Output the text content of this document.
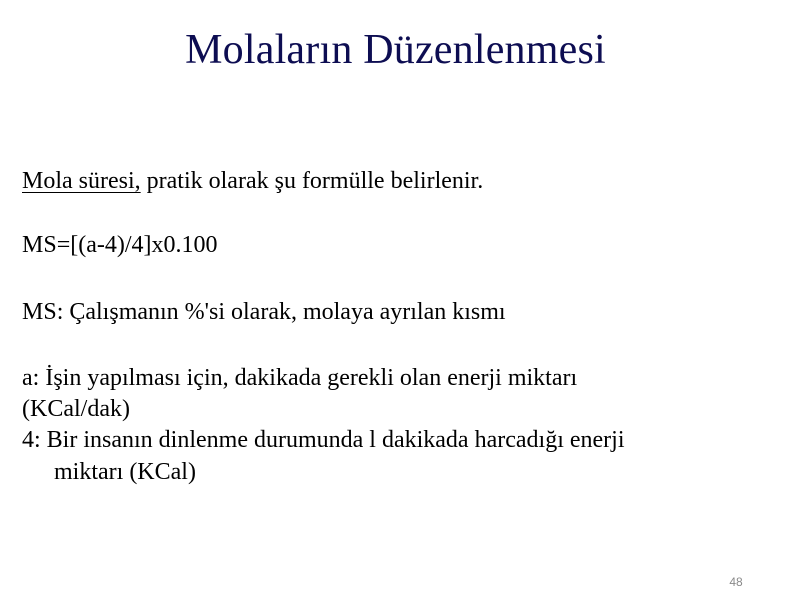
Molaların Düzenlenmesi
Mola süresi, pratik olarak şu formülle belirlenir.
MS=[(a-4)/4]x0.100
MS: Çalışmanın %'si olarak, molaya ayrılan kısmı
a: İşin yapılması için, dakikada gerekli olan enerji miktarı
(KCal/dak)
4: Bir insanın dinlenme durumunda l dakikada harcadığı enerji
miktarı (KCal)
48
